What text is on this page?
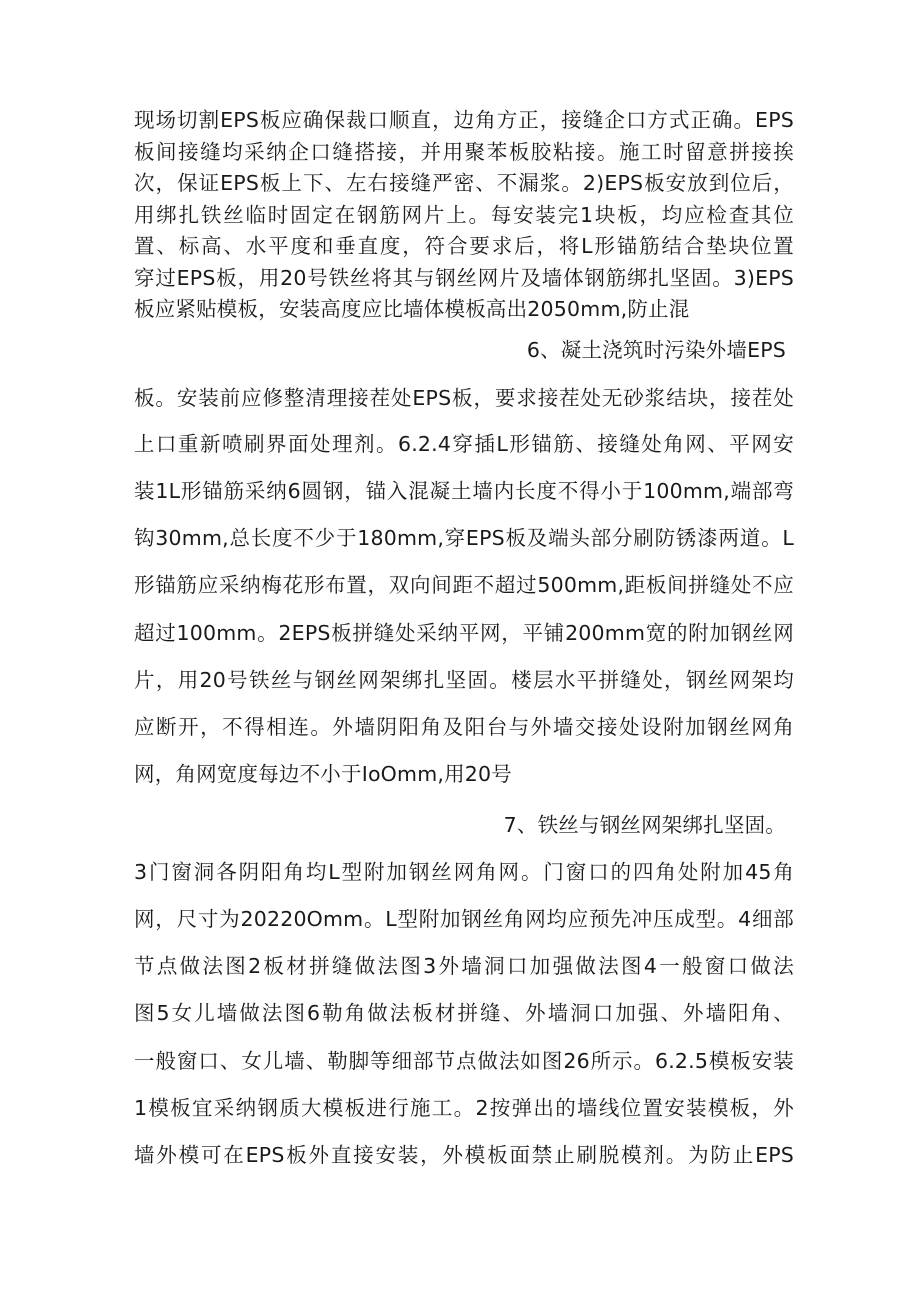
现场切割EPS板应确保裁口顺直，边角方正，接缝企口方式正确。EPS
板间接缝均采纳企口缝搭接，并用聚苯板胶粘接。施工时留意拼接挨
次，保证EPS板上下、左右接缝严密、不漏浆。2)EPS板安放到位后，
用绑扎铁丝临时固定在钢筋网片上。每安装完1块板，均应检查其位
置、标高、水平度和垂直度，符合要求后，将L形锚筋结合垫块位置
穿过EPS板，用20号铁丝将其与钢丝网片及墙体钢筋绑扎坚固。3)EPS
板应紧贴模板，安装高度应比墙体模板高出2050mm,防止混
6、凝土浇筑时污染外墙EPS
板。安装前应修整清理接茬处EPS板，要求接茬处无砂浆结块，接茬处
上口重新喷刷界面处理剂。6.2.4穿插L形锚筋、接缝处角网、平网安
装1L形锚筋采纳6圆钢，锚入混凝土墙内长度不得小于100mm,端部弯
钩30mm,总长度不少于180mm,穿EPS板及端头部分刷防锈漆两道。L
形锚筋应采纳梅花形布置，双向间距不超过500mm,距板间拼缝处不应
超过100mm。2EPS板拼缝处采纳平网，平铺200mm宽的附加钢丝网
片，用20号铁丝与钢丝网架绑扎坚固。楼层水平拼缝处，钢丝网架均
应断开，不得相连。外墙阴阳角及阳台与外墙交接处设附加钢丝网角
网，角网宽度每边不小于IoOmm,用20号
7、铁丝与钢丝网架绑扎坚固。
3门窗洞各阴阳角均L型附加钢丝网角网。门窗口的四角处附加45角
网，尺寸为20220Omm。L型附加钢丝角网均应预先冲压成型。4细部
节点做法图2板材拼缝做法图3外墙洞口加强做法图4一般窗口做法
图5女儿墙做法图6勒角做法板材拼缝、外墙洞口加强、外墙阳角、
一般窗口、女儿墙、勒脚等细部节点做法如图26所示。6.2.5模板安装
1模板宜采纳钢质大模板进行施工。2按弹出的墙线位置安装模板，外
墙外模可在EPS板外直接安装，外模板面禁止刷脱模剂。为防止EPS
